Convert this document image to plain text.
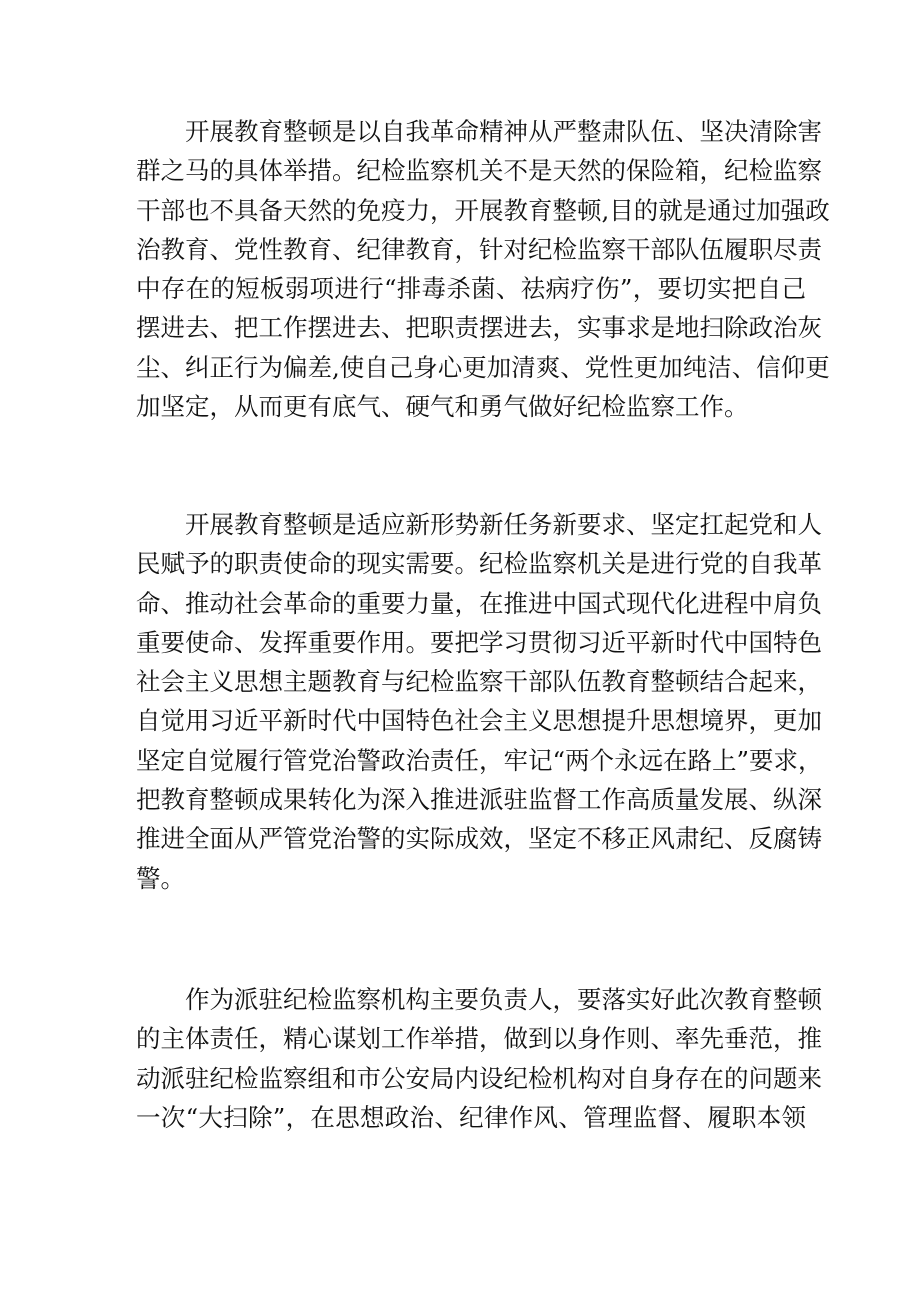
开展教育整顿是以自我革命精神从严整肃队伍、坚决清除害
群之马的具体举措。纪检监察机关不是天然的保险箱，纪检监察
干部也不具备天然的免疫力，开展教育整顿,目的就是通过加强政
治教育、党性教育、纪律教育，针对纪检监察干部队伍履职尽责
中存在的短板弱项进行“排毒杀菌、祛病疗伤”，要切实把自己
摆进去、把工作摆进去、把职责摆进去，实事求是地扫除政治灰
尘、纠正行为偏差,使自己身心更加清爽、党性更加纯洁、信仰更
加坚定，从而更有底气、硬气和勇气做好纪检监察工作。
开展教育整顿是适应新形势新任务新要求、坚定扛起党和人
民赋予的职责使命的现实需要。纪检监察机关是进行党的自我革
命、推动社会革命的重要力量，在推进中国式现代化进程中肩负
重要使命、发挥重要作用。要把学习贯彻习近平新时代中国特色
社会主义思想主题教育与纪检监察干部队伍教育整顿结合起来，
自觉用习近平新时代中国特色社会主义思想提升思想境界，更加
坚定自觉履行管党治警政治责任，牢记“两个永远在路上”要求，
把教育整顿成果转化为深入推进派驻监督工作高质量发展、纵深
推进全面从严管党治警的实际成效，坚定不移正风肃纪、反腐铸
警。
作为派驻纪检监察机构主要负责人，要落实好此次教育整顿
的主体责任，精心谋划工作举措，做到以身作则、率先垂范，推
动派驻纪检监察组和市公安局内设纪检机构对自身存在的问题来
一次“大扫除”，在思想政治、纪律作风、管理监督、履职本领
